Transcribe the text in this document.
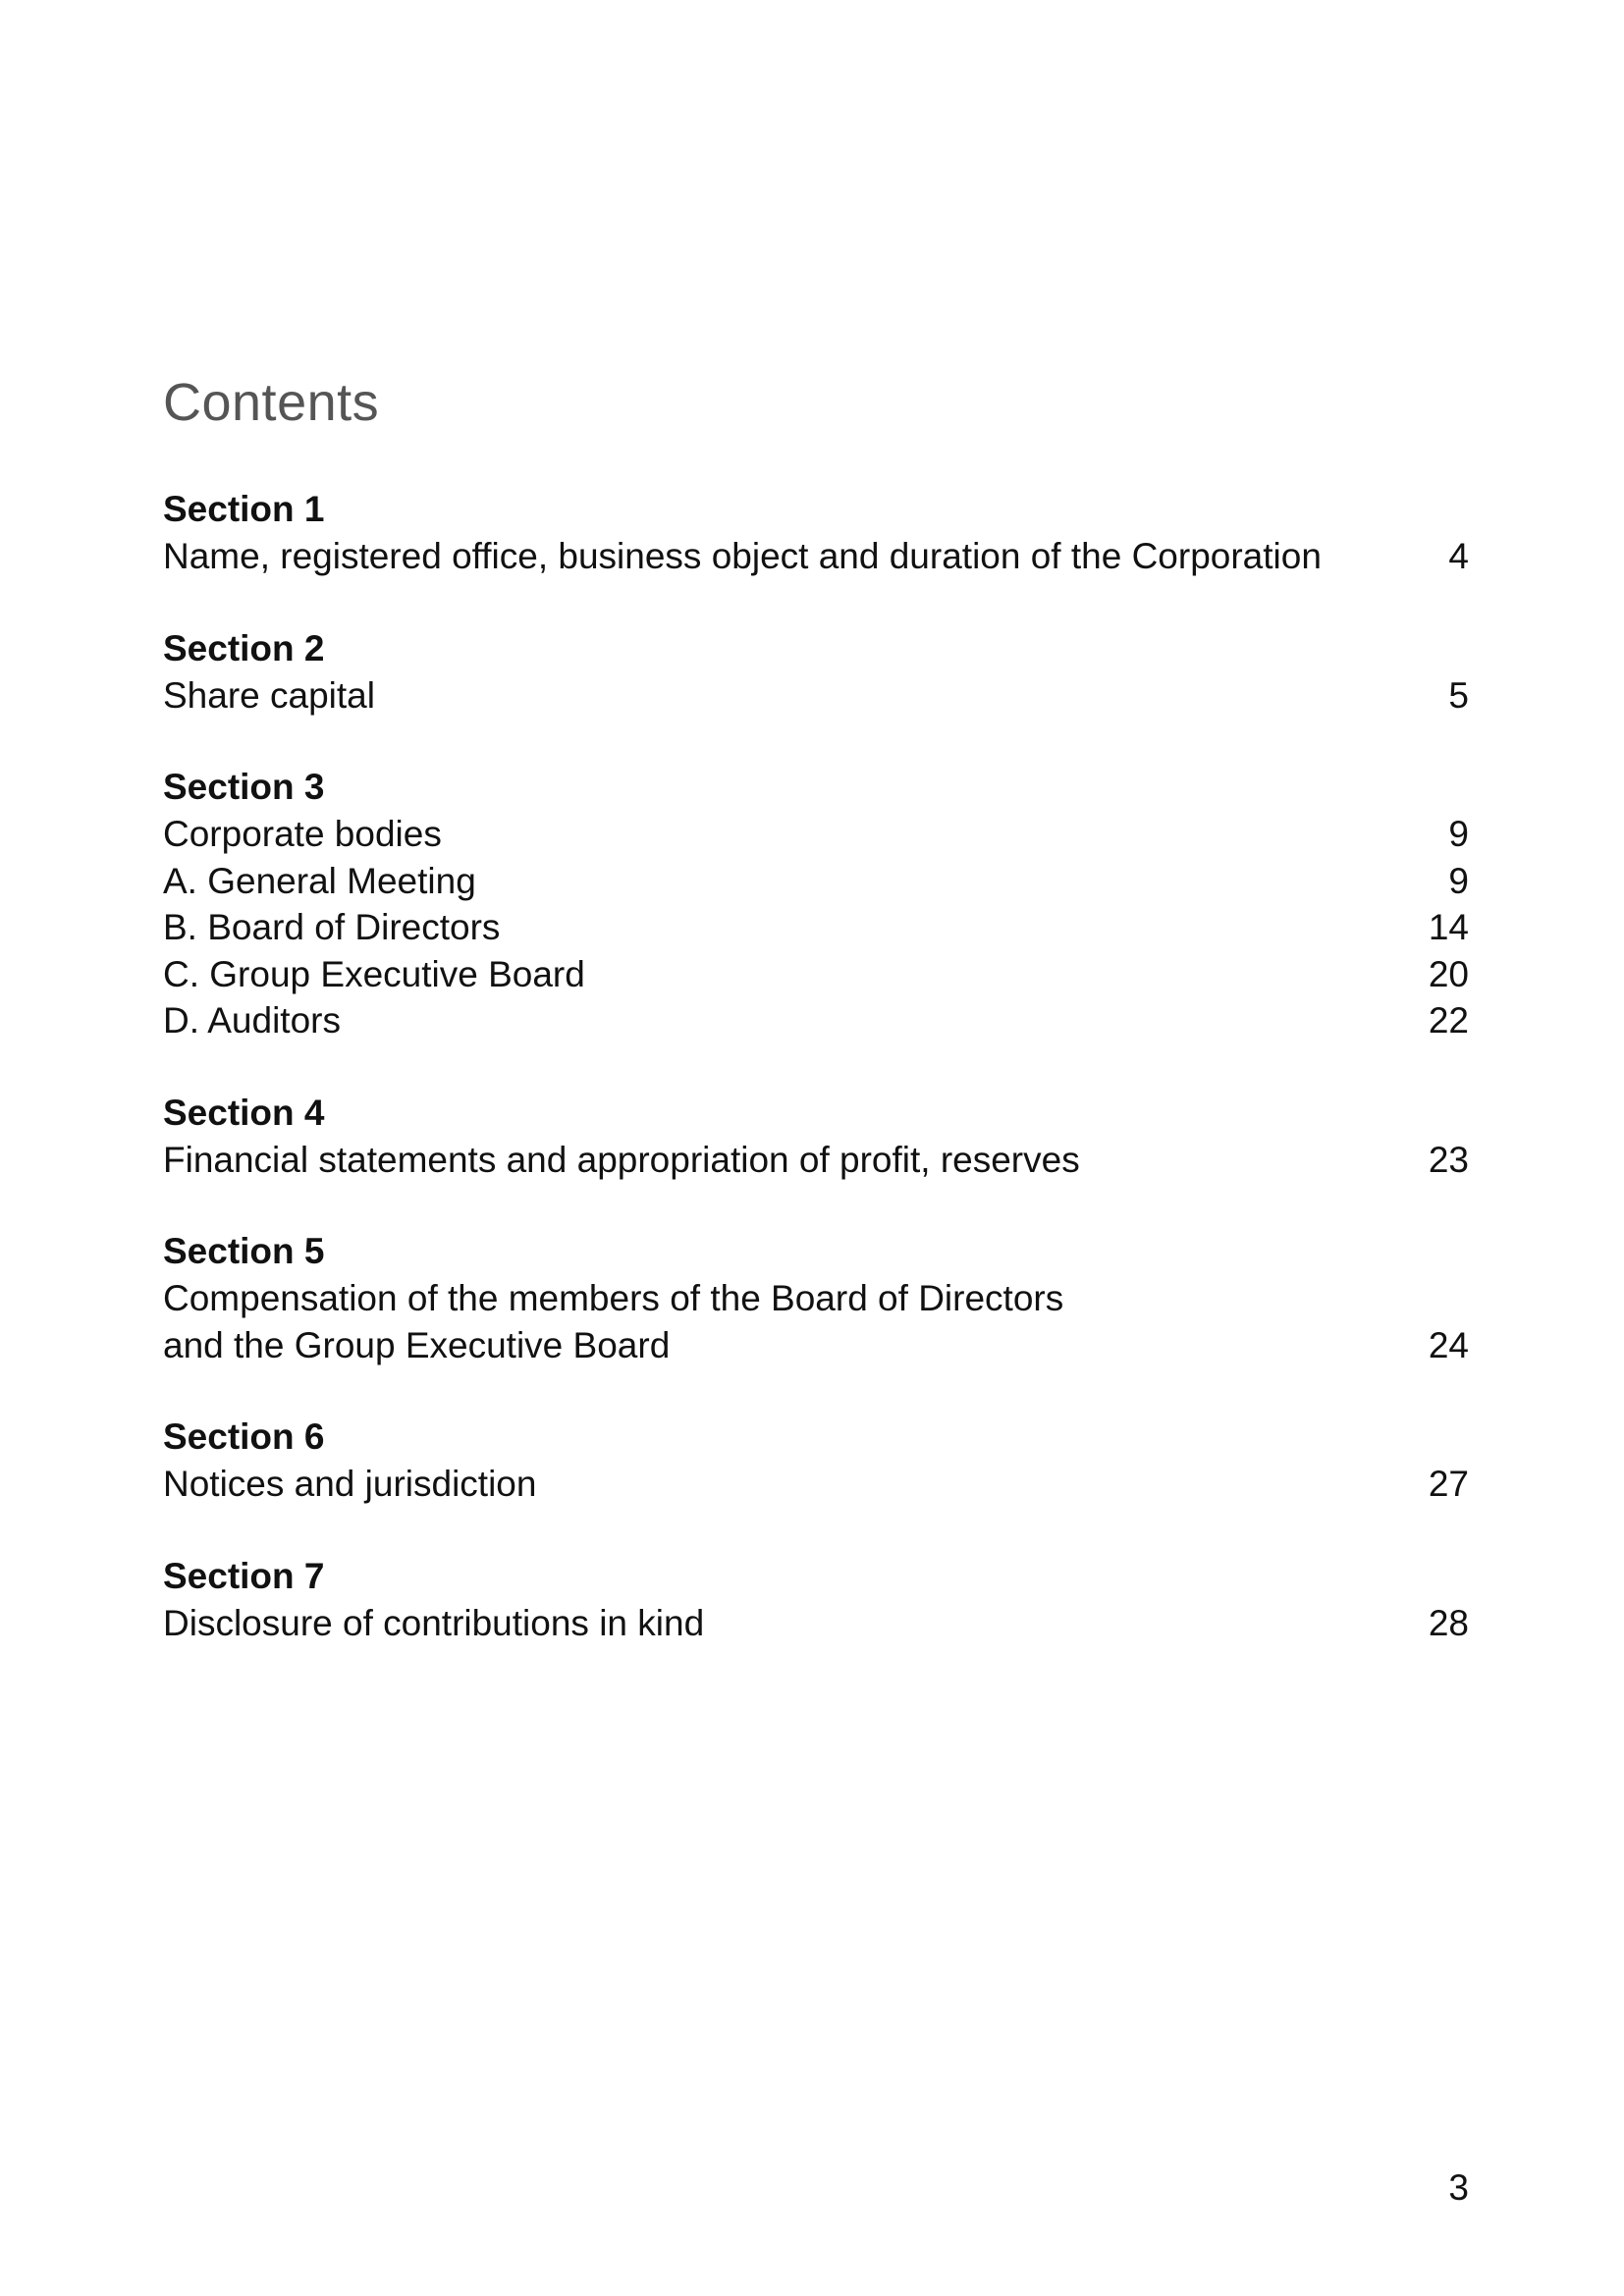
Contents
Section 1
Name, registered office, business object and duration of the Corporation	4
Section 2
Share capital	5
Section 3
Corporate bodies	9
A. General Meeting	9
B. Board of Directors	14
C. Group Executive Board	20
D. Auditors	22
Section 4
Financial statements and appropriation of profit, reserves	23
Section 5
Compensation of the members of the Board of Directors
and the Group Executive Board	24
Section 6
Notices and jurisdiction	27
Section 7
Disclosure of contributions in kind	28
3
